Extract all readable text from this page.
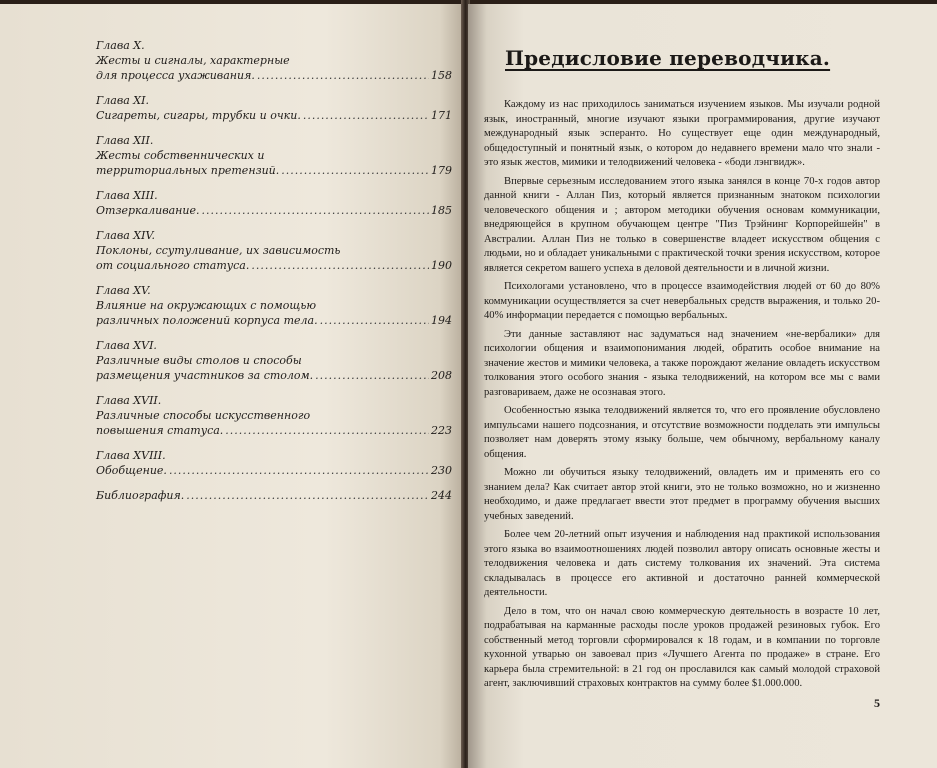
Глава X.
Жесты и сигналы, характерные
для процесса ухаживания. .....	158
Глава XI.
Сигареты, сигары, трубки и очки. .....	171
Глава XII.
Жесты собственнических и
территориальных претензий. .....	179
Глава XIII.
Отзеркаливание. .....	185
Глава XIV.
Поклоны, ссутуливание, их зависимость
от социального статуса. .....	190
Глава XV.
Влияние на окружающих с помощью
различных положений корпуса тела. .....	194
Глава XVI.
Различные виды столов и способы
размещения участников за столом. .....	208
Глава XVII.
Различные способы искусственного
повышения статуса. .....	223
Глава XVIII.
Обобщение. .....	230
Библиография. .....	244
Предисловие переводчика.

Каждому из нас приходилось заниматься изучением языков. Мы изучали родной язык, иностранный, многие изучают языки программирования, другие изучают международный язык эсперанто. Но существует еще один международный, общедоступный и понятный язык, о котором до недавнего времени мало что знали - это язык жестов, мимики и телодвижений человека - «боди лэнгвидж».

Впервые серьезным исследованием этого языка занялся в конце 70-х годов автор данной книги - Аллан Пиз, который является признанным знатоком психологии человеческого общения и ; автором методики обучения основам коммуникации, внедряющейся в крупном обучающем центре "Пиз Трэйнинг Корпорейшейн" в Австралии. Аллан Пиз не только в совершенстве владеет искусством общения с людьми, но и обладает уникальными с практической точки зрения искусством, которое является секретом вашего успеха в деловой деятельности и в личной жизни.

Психологами установлено, что в процессе взаимодействия людей от 60 до 80% коммуникации осуществляется за счет невербальных средств выражения, и только 20-40% информации передается с помощью вербальных.

Эти данные заставляют нас задуматься над значением «не-вербалики» для психологии общения и взаимопонимания людей, обратить особое внимание на значение жестов и мимики человека, а также порождают желание овладеть искусством толкования этого особого знания - языка телодвижений, на котором все мы с вами разговариваем, даже не осознавая этого.

Особенностью языка телодвижений является то, что его проявление обусловлено импульсами нашего подсознания, и отсутствие возможности подделать эти импульсы позволяет нам доверять этому языку больше, чем обычному, вербальному каналу общения.

Можно ли обучиться языку телодвижений, овладеть им и применять его со знанием дела? Как считает автор этой книги, это не только возможно, но и жизненно необходимо, и даже предлагает ввести этот предмет в программу обучения высших учебных заведений.

Более чем 20-летний опыт изучения и наблюдения над практикой использования этого языка во взаимоотношениях людей позволил автору описать основные жесты и телодвижения человека и дать систему толкования их значений. Эта система складывалась в процессе его активной и достаточно ранней коммерческой деятельности.

Дело в том, что он начал свою коммерческую деятельность в возрасте 10 лет, подрабатывая на карманные расходы после уроков продажей резиновых губок. Его собственный метод торговли сформировался к 18 годам, и в компании по торговле кухонной утварью он завоевал приз «Лучшего Агента по продаже» в стране. Его карьера была стремительной: в 21 год он прославился как самый молодой страховой агент, заключивший страховых контрактов на сумму более $1.000.000.

5
